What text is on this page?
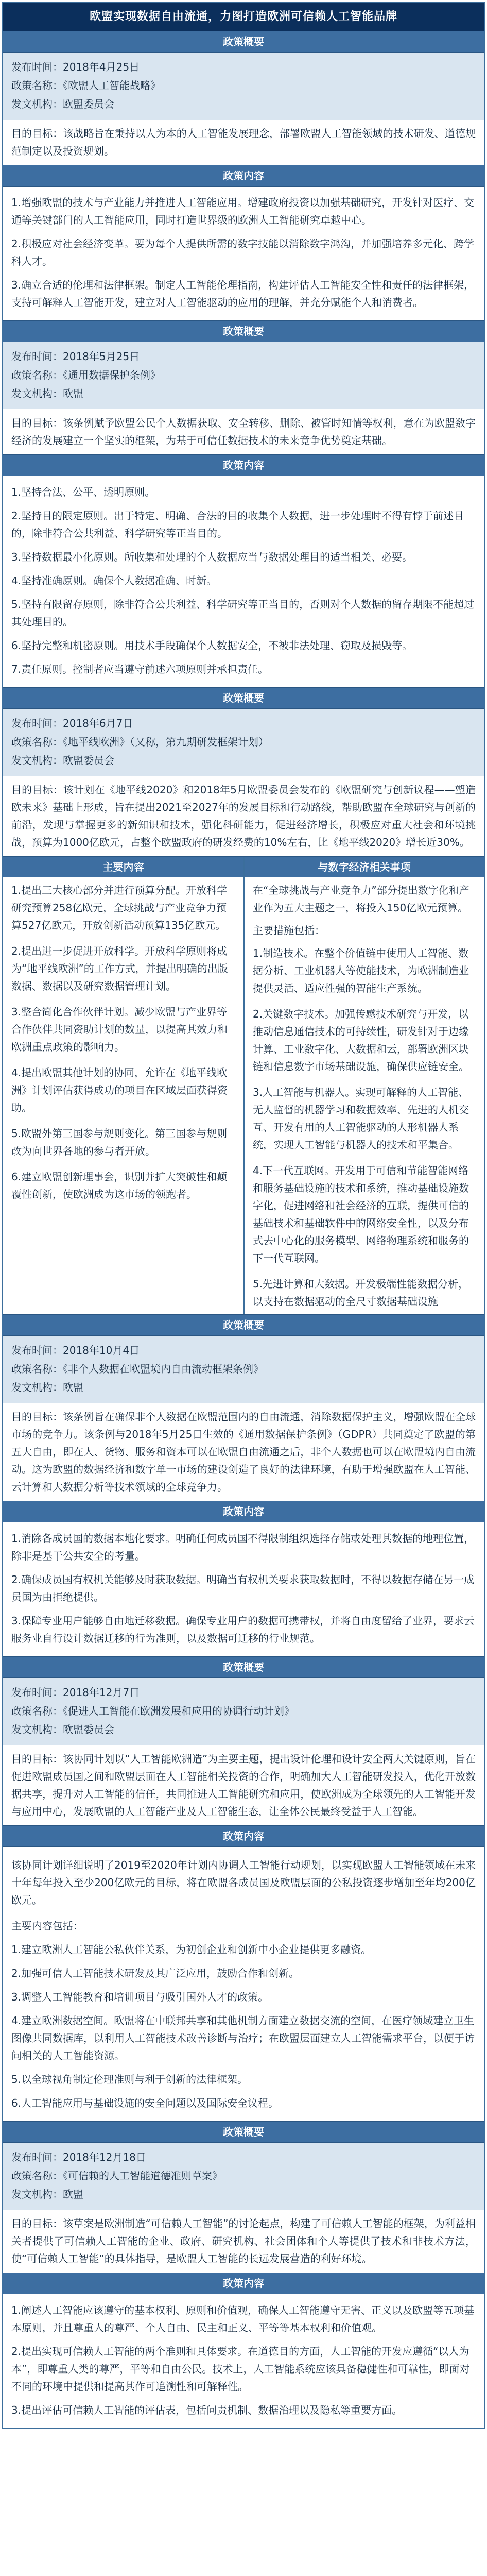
欧盟实现数据自由流通，力图打造欧洲可信赖人工智能品牌
政策概要
发布时间：2018年4月25日
政策名称：《欧盟人工智能战略》
发文机构：欧盟委员会
目的目标：该战略旨在秉持以人为本的人工智能发展理念，部署欧盟人工智能领域的技术研发、道德规范制定以及投资规划。
政策内容
1.增强欧盟的技术与产业能力并推进人工智能应用。增建政府投资以加强基础研究，开发针对医疗、交通等关键部门的人工智能应用，同时打造世界级的欧洲人工智能研究卓越中心。
2.积极应对社会经济变革。要为每个人提供所需的数字技能以消除数字鸿沟，并加强培养多元化、跨学科人才。
3.确立合适的伦理和法律框架。制定人工智能伦理指南，构建评估人工智能安全性和责任的法律框架，支持可解释人工智能开发，建立对人工智能驱动的应用的理解，并充分赋能个人和消费者。
政策概要
发布时间：2018年5月25日
政策名称：《通用数据保护条例》
发文机构：欧盟
目的目标：该条例赋予欧盟公民个人数据获取、安全转移、删除、被管时知情等权利，意在为欧盟数字经济的发展建立一个坚实的框架，为基于可信任数据技术的未来竞争优势奠定基础。
政策内容
1.坚持合法、公平、透明原则。
2.坚持目的限定原则。出于特定、明确、合法的目的收集个人数据，进一步处理时不得有悖于前述目的，除非符合公共利益、科学研究等正当目的。
3.坚持数据最小化原则。所收集和处理的个人数据应当与数据处理目的适当相关、必要。
4.坚持准确原则。确保个人数据准确、时新。
5.坚持有限留存原则，除非符合公共利益、科学研究等正当目的，否则对个人数据的留存期限不能超过其处理目的。
6.坚持完整和机密原则。用技术手段确保个人数据安全，不被非法处理、窃取及损毁等。
7.责任原则。控制者应当遵守前述六项原则并承担责任。
政策概要
发布时间：2018年6月7日
政策名称：《地平线欧洲》（又称，第九期研发框架计划）
发文机构：欧盟委员会
目的目标：该计划在《地平线2020》和2018年5月欧盟委员会发布的《欧盟研究与创新议程——塑造欧未来》基础上形成，旨在提出2021至2027年的发展目标和行动路线，帮助欧盟在全球研究与创新的前沿，发现与掌握更多的新知识和技术，强化科研能力，促进经济增长，积极应对重大社会和环境挑战，预算为1000亿欧元，占整个欧盟政府的研发经费的10%左右，比《地平线2020》增长近30%。
主要内容
1.提出三大核心部分并进行预算分配。开放科学研究预算258亿欧元，全球挑战与产业竞争力预算527亿欧元，开放创新活动预算135亿欧元。
2.提出进一步促进开放科学。开放科学原则将成为“地平线欧洲”的工作方式，并提出明确的出版数据、数据以及研究数据管理计划。
3.整合简化合作伙伴计划。减少欧盟与产业界等合作伙伴共同资助计划的数量，以提高其效力和欧洲重点政策的影响力。
4.提出欧盟其他计划的协同，允许在《地平线欧洲》计划评估获得成功的项目在区域层面获得资助。
5.欧盟外第三国参与规则变化。第三国参与规则改为向世界各地的参与者开放。
6.建立欧盟创新理事会，识别并扩大突破性和颠覆性创新，使欧洲成为这市场的领跑者。
与数字经济相关事项
在“全球挑战与产业竞争力”部分提出数字化和产业作为五大主题之一，将投入150亿欧元预算。
主要措施包括：
1.制造技术。在整个价值链中使用人工智能、数据分析、工业机器人等使能技术，为欧洲制造业提供灵活、适应性强的智能生产系统。
2.关键数字技术。加强传感技术研究与开发，以推动信息通信技术的可持续性，研发针对于边缘计算、工业数字化、大数据和云，部署欧洲区块链和信息数字市场基础设施，确保供应链安全。
3.人工智能与机器人。实现可解释的人工智能、无人监督的机器学习和数据效率、先进的人机交互、开发有用的人工智能驱动的人形机器人系统，实现人工智能与机器人的技术和平集合。
4.下一代互联网。开发用于可信和节能智能网络和服务基础设施的技术和系统，推动基础设施数字化，促进网络和社会经济的互联，提供可信的基础技术和基础软件中的网络安全性，以及分布式去中心化的服务模型、网络物理系统和服务的下一代互联网。
5.先进计算和大数据。开发极端性能数据分析，以支持在数据驱动的全尺寸数据基础设施
政策概要
发布时间：2018年10月4日
政策名称：《非个人数据在欧盟境内自由流动框架条例》
发文机构：欧盟
目的目标：该条例旨在确保非个人数据在欧盟范围内的自由流通，消除数据保护主义，增强欧盟在全球市场的竞争力。该条例与2018年5月25日生效的《通用数据保护条例》（GDPR）共同奠定了欧盟的第五大自由，即在人、货物、服务和资本可以在欧盟自由流通之后，非个人数据也可以在欧盟境内自由流动。这为欧盟的数据经济和数字单一市场的建设创造了良好的法律环境，有助于增强欧盟在人工智能、云计算和大数据分析等技术领域的全球竞争力。
政策内容
1.消除各成员国的数据本地化要求。明确任何成员国不得限制组织选择存储或处理其数据的地理位置，除非是基于公共安全的考量。
2.确保成员国有权机关能够及时获取数据。明确当有权机关要求获取数据时，不得以数据存储在另一成员国为由拒绝提供。
3.保障专业用户能够自由地迁移数据。确保专业用户的数据可携带权，并将自由度留给了业界，要求云服务业自行设计数据迁移的行为准则，以及数据可迁移的行业规范。
政策概要
发布时间：2018年12月7日
政策名称：《促进人工智能在欧洲发展和应用的协调行动计划》
发文机构：欧盟委员会
目的目标：该协同计划以“人工智能欧洲造”为主要主题，提出设计伦理和设计安全两大关键原则，旨在促进欧盟成员国之间和欧盟层面在人工智能相关投资的合作，明确加大人工智能研发投入，优化开放数据共享，提升对人工智能的信任，共同推进人工智能研究和应用，使欧洲成为全球领先的人工智能开发与应用中心，发展欧盟的人工智能产业及人工智能生态，让全体公民最终受益于人工智能。
政策内容
该协同计划详细说明了2019至2020年计划内协调人工智能行动规划，以实现欧盟人工智能领域在未来十年每年投入至少200亿欧元的目标，将在欧盟各成员国及欧盟层面的公私投资逐步增加至年均200亿欧元。
主要内容包括：
1.建立欧洲人工智能公私伙伴关系，为初创企业和创新中小企业提供更多融资。
2.加强可信人工智能技术研发及其广泛应用，鼓励合作和创新。
3.调整人工智能教育和培训项目与吸引国外人才的政策。
4.建立欧洲数据空间。欧盟将在中联邦共享和其他机制方面建立数据交流的空间，在医疗领域建立卫生图像共同数据库，以利用人工智能技术改善诊断与治疗；在欧盟层面建立人工智能需求平台，以便于访问相关的人工智能资源。
5.以全球视角制定伦理准则与利于创新的法律框架。
6.人工智能应用与基础设施的安全问题以及国际安全议程。
政策概要
发布时间：2018年12月18日
政策名称：《可信赖的人工智能道德准则草案》
发文机构：欧盟
目的目标：该草案是欧洲制造“可信赖人工智能”的讨论起点，构建了可信赖人工智能的框架，为利益相关者提供了可信赖人工智能的企业、政府、研究机构、社会团体和个人等提供了技术和非技术方法，使“可信赖人工智能”的具体指导，是欧盟人工智能的长远发展营造的利好环境。
政策内容
1.阐述人工智能应该遵守的基本权利、原则和价值观，确保人工智能遵守无害、正义以及欧盟等五项基本原则，并且尊重人的尊严、个人自由、民主和正义、平等等基本权利和价值观。
2.提出实现可信赖人工智能的两个准则和具体要求。在道德目的方面，人工智能的开发应遵循“以人为本”，即尊重人类的尊严，平等和自由公民。技术上，人工智能系统应该具备稳健性和可靠性，即面对不同的环境中提供和提高其作可追溯性和可解释性。
3.提出评估可信赖人工智能的评估表，包括问责机制、数据治理以及隐私等重要方面。
